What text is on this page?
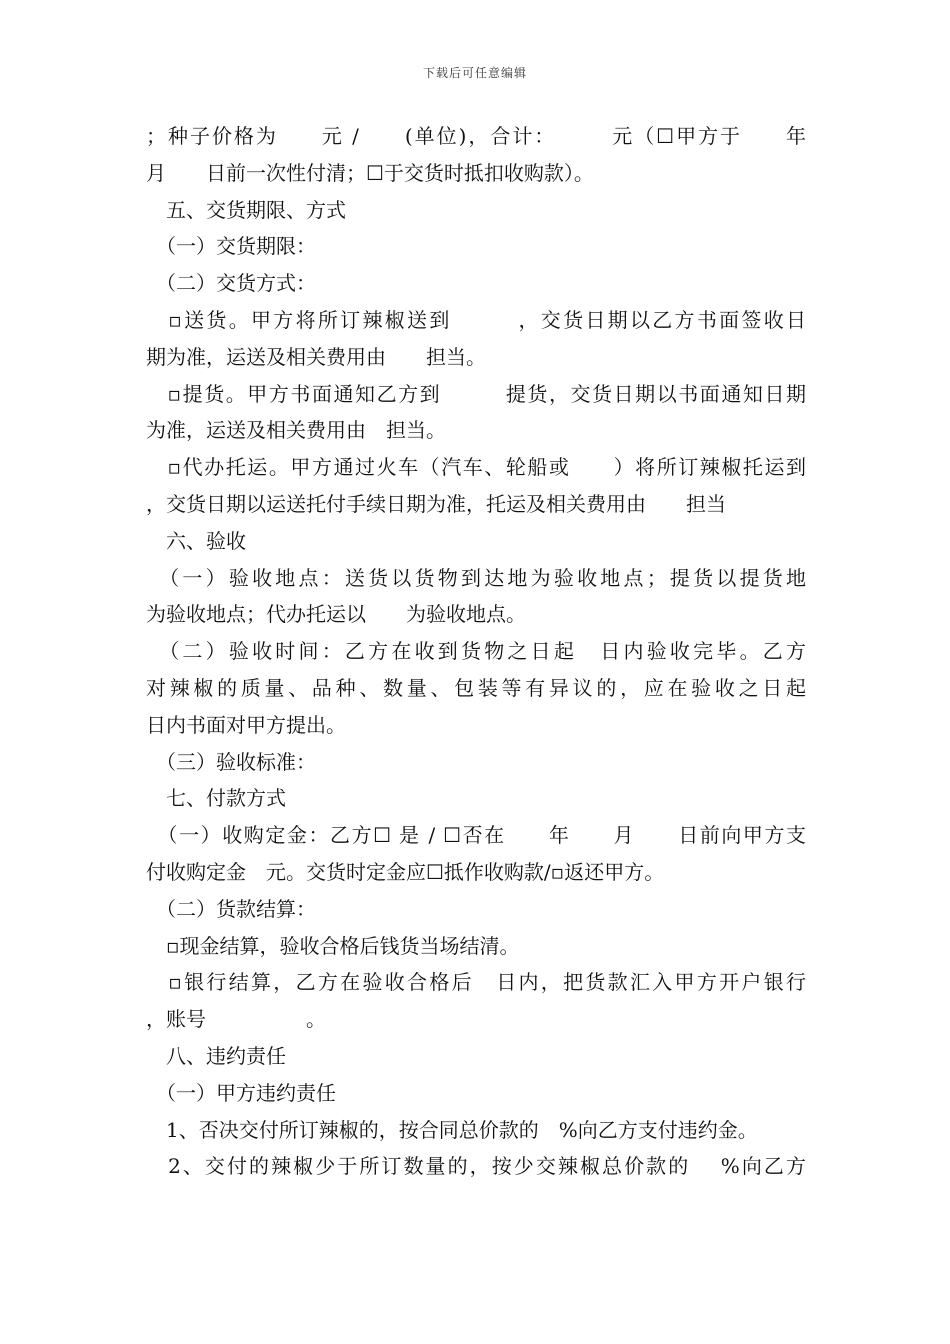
下载后可任意编辑
；种子价格为　　元 /　　(单位)，合计：　　　元（☐甲方于　　年
月　　日前一次性付清；☐于交货时抵扣收购款）。
　五、交货期限、方式
　（一）交货期限：
　（二）交货方式：
　▫送货。甲方将所订辣椒送到　　　，交货日期以乙方书面签收日
期为准，运送及相关费用由　　担当。
　▫提货。甲方书面通知乙方到　　　提货，交货日期以书面通知日期
为准，运送及相关费用由　担当。
　▫代办托运。甲方通过火车（汽车、轮船或　　）将所订辣椒托运到
，交货日期以运送托付手续日期为准，托运及相关费用由　　担当
　六、验收
　（一）验收地点：送货以货物到达地为验收地点；提货以提货地
为验收地点；代办托运以　　为验收地点。
　（二）验收时间：乙方在收到货物之日起　日内验收完毕。乙方
对辣椒的质量、品种、数量、包装等有异议的，应在验收之日起
日内书面对甲方提出。
　（三）验收标准：
　七、付款方式
　（一）收购定金：乙方☐ 是 / ☐否在　　年　　月　　日前向甲方支
付收购定金　元。交货时定金应☐抵作收购款/▫返还甲方。
　（二）货款结算：
　▫现金结算，验收合格后钱货当场结清。
　▫银行结算，乙方在验收合格后　日内，把货款汇入甲方开户银行
，账号　　　　　。
　八、违约责任
　（一）甲方违约责任
　1、否决交付所订辣椒的，按合同总价款的　%向乙方支付违约金。
　2、交付的辣椒少于所订数量的，按少交辣椒总价款的　 %向乙方
